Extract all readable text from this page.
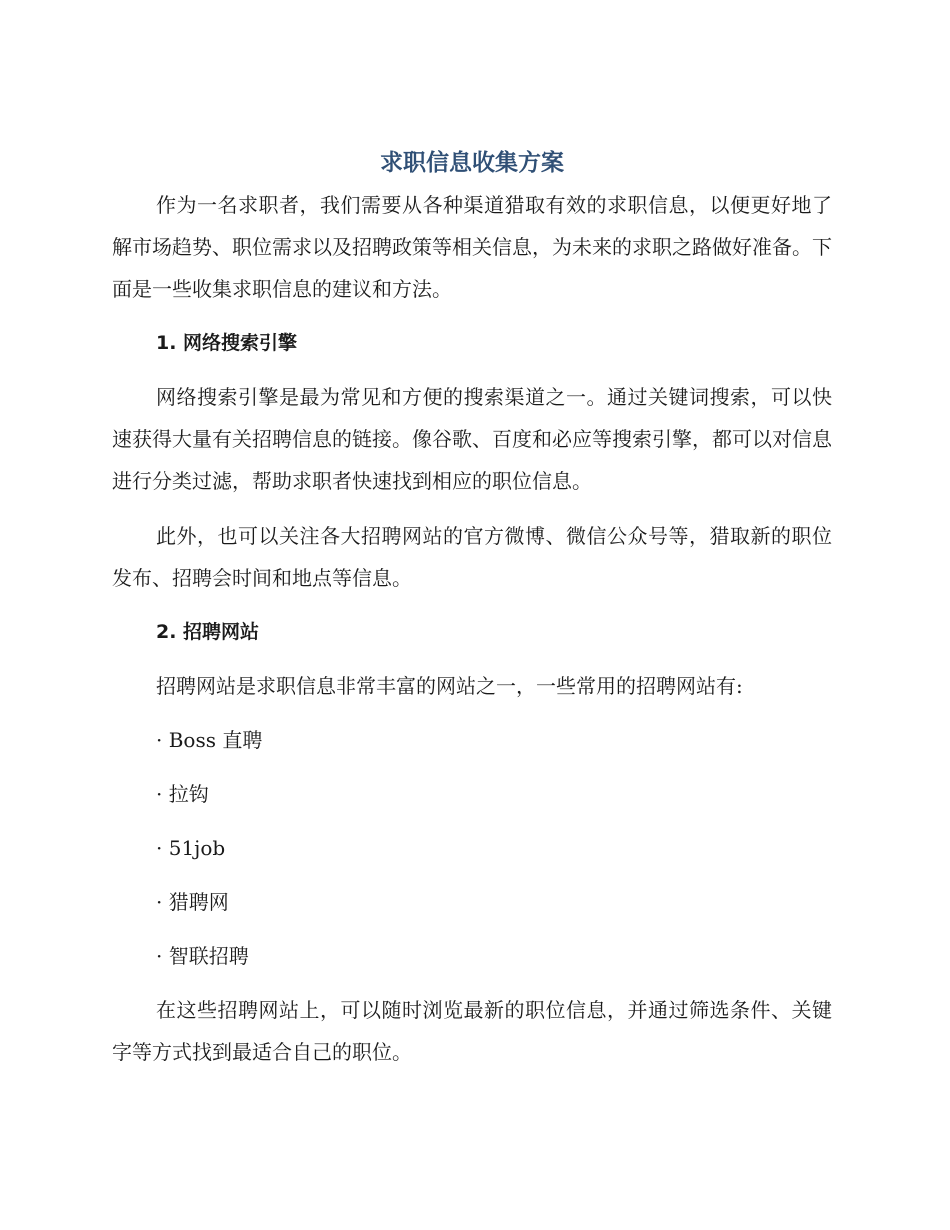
求职信息收集方案

作为一名求职者，我们需要从各种渠道猎取有效的求职信息，以便更好地了解市场趋势、职位需求以及招聘政策等相关信息，为未来的求职之路做好准备。下面是一些收集求职信息的建议和方法。

1. 网络搜索引擎

网络搜索引擎是最为常见和方便的搜索渠道之一。通过关键词搜索，可以快速获得大量有关招聘信息的链接。像谷歌、百度和必应等搜索引擎，都可以对信息进行分类过滤，帮助求职者快速找到相应的职位信息。

此外，也可以关注各大招聘网站的官方微博、微信公众号等，猎取新的职位发布、招聘会时间和地点等信息。

2. 招聘网站

招聘网站是求职信息非常丰富的网站之一，一些常用的招聘网站有:

· Boss 直聘

· 拉钩

· 51job

· 猎聘网

· 智联招聘

在这些招聘网站上，可以随时浏览最新的职位信息，并通过筛选条件、关键字等方式找到最适合自己的职位。
